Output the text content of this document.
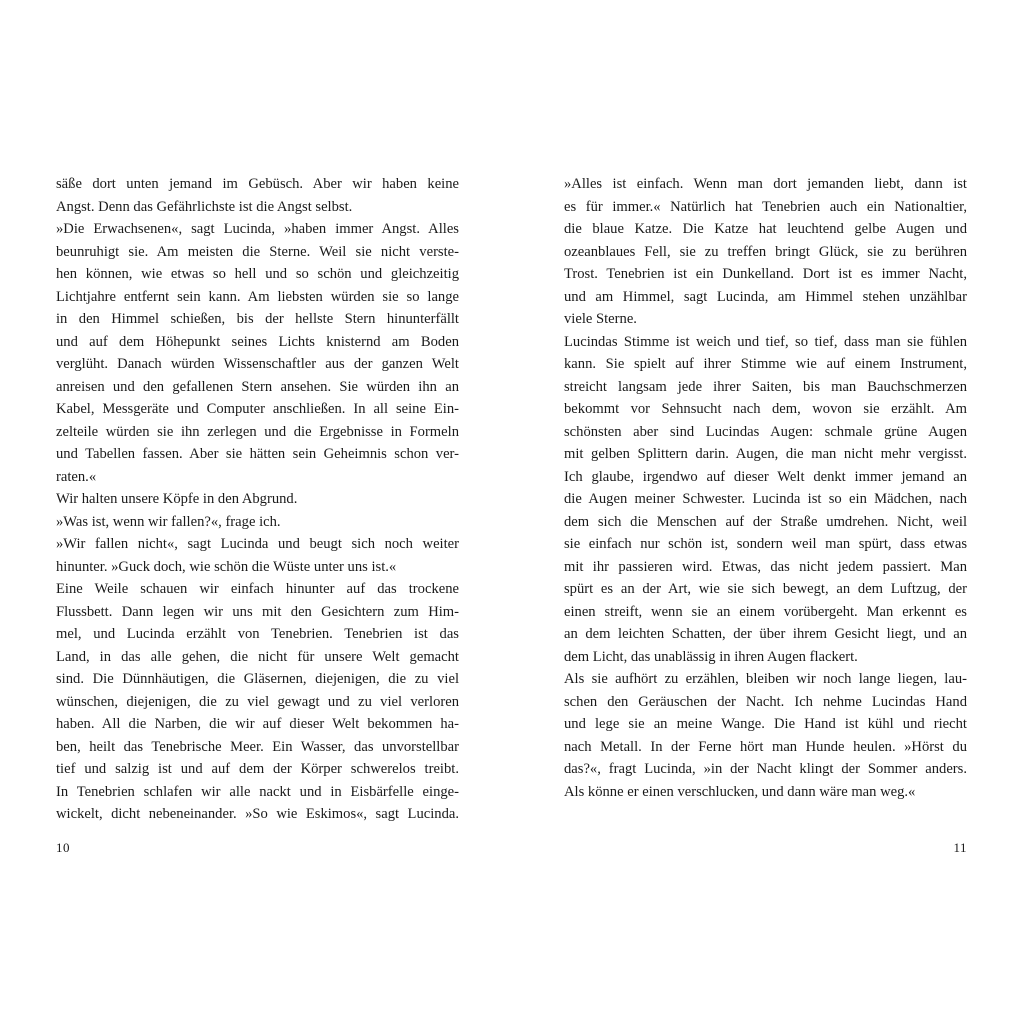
säße dort unten jemand im Gebüsch. Aber wir haben keine
Angst. Denn das Gefährlichste ist die Angst selbst.
»Die Erwachsenen«, sagt Lucinda, »haben immer Angst. Alles
beunruhigt sie. Am meisten die Sterne. Weil sie nicht verste-
hen können, wie etwas so hell und so schön und gleichzeitig
Lichtjahre entfernt sein kann. Am liebsten würden sie so lange
in den Himmel schießen, bis der hellste Stern hinunterfällt
und auf dem Höhepunkt seines Lichts knisternd am Boden
verglüht. Danach würden Wissenschaftler aus der ganzen Welt
anreisen und den gefallenen Stern ansehen. Sie würden ihn an
Kabel, Messgeräte und Computer anschließen. In all seine Ein-
zelteile würden sie ihn zerlegen und die Ergebnisse in Formeln
und Tabellen fassen. Aber sie hätten sein Geheimnis schon ver-
raten.«
Wir halten unsere Köpfe in den Abgrund.
»Was ist, wenn wir fallen?«, frage ich.
»Wir fallen nicht«, sagt Lucinda und beugt sich noch weiter
hinunter. »Guck doch, wie schön die Wüste unter uns ist.«
Eine Weile schauen wir einfach hinunter auf das trockene
Flussbett. Dann legen wir uns mit den Gesichtern zum Him-
mel, und Lucinda erzählt von Tenebrien. Tenebrien ist das
Land, in das alle gehen, die nicht für unsere Welt gemacht
sind. Die Dünnhäutigen, die Gläsernen, diejenigen, die zu viel
wünschen, diejenigen, die zu viel gewagt und zu viel verloren
haben. All die Narben, die wir auf dieser Welt bekommen ha-
ben, heilt das Tenebrische Meer. Ein Wasser, das unvorstellbar
tief und salzig ist und auf dem der Körper schwerelos treibt.
In Tenebrien schlafen wir alle nackt und in Eisbärfelle einge-
wickelt, dicht nebeneinander. »So wie Eskimos«, sagt Lucinda.
10
»Alles ist einfach. Wenn man dort jemanden liebt, dann ist
es für immer.« Natürlich hat Tenebrien auch ein Nationaltier,
die blaue Katze. Die Katze hat leuchtend gelbe Augen und
ozeanblaues Fell, sie zu treffen bringt Glück, sie zu berühren
Trost. Tenebrien ist ein Dunkelland. Dort ist es immer Nacht,
und am Himmel, sagt Lucinda, am Himmel stehen unzählbar
viele Sterne.
Lucindas Stimme ist weich und tief, so tief, dass man sie fühlen
kann. Sie spielt auf ihrer Stimme wie auf einem Instrument,
streicht langsam jede ihrer Saiten, bis man Bauchschmerzen
bekommt vor Sehnsucht nach dem, wovon sie erzählt. Am
schönsten aber sind Lucindas Augen: schmale grüne Augen
mit gelben Splittern darin. Augen, die man nicht mehr vergisst.
Ich glaube, irgendwo auf dieser Welt denkt immer jemand an
die Augen meiner Schwester. Lucinda ist so ein Mädchen, nach
dem sich die Menschen auf der Straße umdrehen. Nicht, weil
sie einfach nur schön ist, sondern weil man spürt, dass etwas
mit ihr passieren wird. Etwas, das nicht jedem passiert. Man
spürt es an der Art, wie sie sich bewegt, an dem Luftzug, der
einen streift, wenn sie an einem vorübergeht. Man erkennt es
an dem leichten Schatten, der über ihrem Gesicht liegt, und an
dem Licht, das unablässig in ihren Augen flackert.
Als sie aufhört zu erzählen, bleiben wir noch lange liegen, lau-
schen den Geräuschen der Nacht. Ich nehme Lucindas Hand
und lege sie an meine Wange. Die Hand ist kühl und riecht
nach Metall. In der Ferne hört man Hunde heulen. »Hörst du
das?«, fragt Lucinda, »in der Nacht klingt der Sommer anders.
Als könne er einen verschlucken, und dann wäre man weg.«
11
